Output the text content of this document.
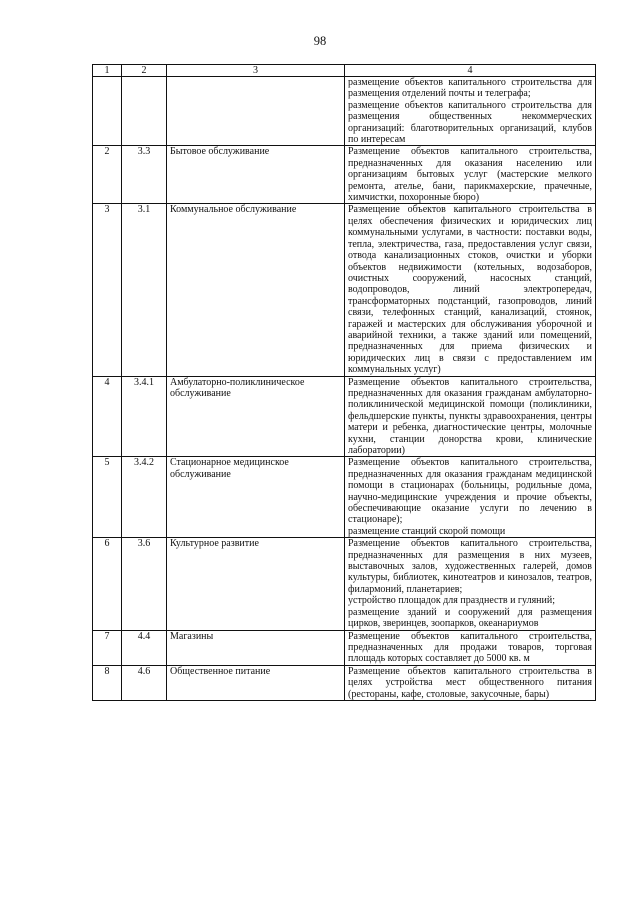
98
1	2	3	4

			размещение объектов капитального строительства для размещения отделений почты и телеграфа;

размещение объектов капитального строительства для размещения общественных некоммерческих организаций: благотворительных организаций, клубов по интересам

2	3.3	Бытовое обслуживание	Размещение объектов капитального строительства, предназначенных для оказания населению или организациям бытовых услуг (мастерские мелкого ремонта, ателье, бани, парикмахерские, прачечные, химчистки, похоронные бюро)

3	3.1	Коммунальное обслуживание	Размещение объектов капитального строительства в целях обеспечения физических и юридических лиц коммунальными услугами, в частности: поставки воды, тепла, электричества, газа, предоставления услуг связи, отвода канализационных стоков, очистки и уборки объектов недвижимости (котельных, водозаборов, очистных сооружений, насосных станций, водопроводов, линий электропередач, трансформаторных подстанций, газопроводов, линий связи, телефонных станций, канализаций, стоянок, гаражей и мастерских для обслуживания уборочной и аварийной техники, а также зданий или помещений, предназначенных для приема физических и юридических лиц в связи с предоставлением им коммунальных услуг)

4	3.4.1	Амбулаторно-поликлиническое обслуживание	Размещение объектов капитального строительства, предназначенных для оказания гражданам амбулаторно-поликлинической медицинской помощи (поликлиники, фельдшерские пункты, пункты здравоохранения, центры матери и ребенка, диагностические центры, молочные кухни, станции донорства крови, клинические лаборатории)

5	3.4.2	Стационарное медицинское обслуживание	Размещение объектов капитального строительства, предназначенных для оказания гражданам медицинской помощи в стационарах (больницы, родильные дома, научно-медицинские учреждения и прочие объекты, обеспечивающие оказание услуги по лечению в стационаре);

размещение станций скорой помощи

6	3.6	Культурное развитие	Размещение объектов капитального строительства, предназначенных для размещения в них музеев, выставочных залов, художественных галерей, домов культуры, библиотек, кинотеатров и кинозалов, театров, филармоний, планетариев;

устройство площадок для празднеств и гуляний;

размещение зданий и сооружений для размещения цирков, зверинцев, зоопарков, океанариумов

7	4.4	Магазины	Размещение объектов капитального строительства, предназначенных для продажи товаров, торговая площадь которых составляет до 5000 кв. м

8	4.6	Общественное питание	Размещение объектов капитального строительства в целях устройства мест общественного питания (рестораны, кафе, столовые, закусочные, бары)
